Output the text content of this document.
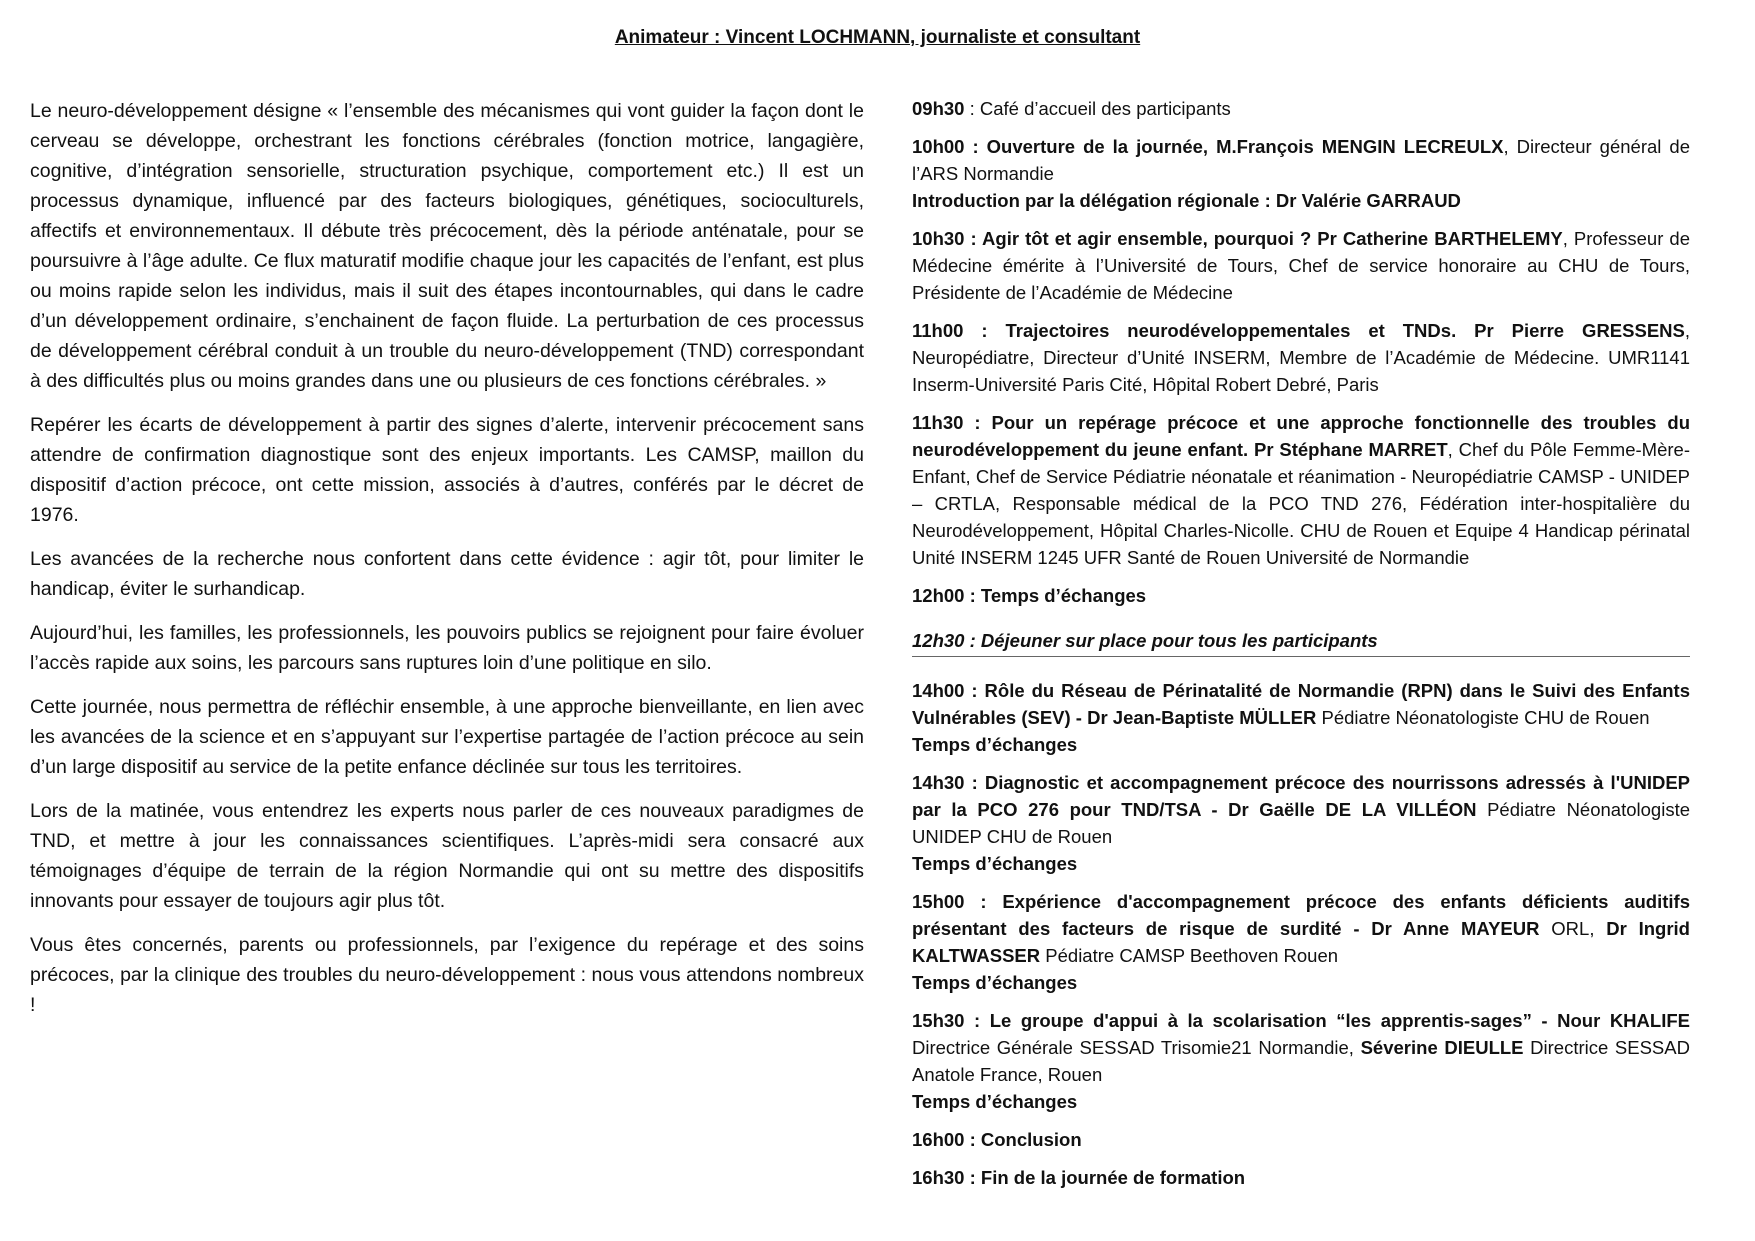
Animateur : Vincent LOCHMANN, journaliste et consultant

Le neuro-développement désigne « l’ensemble des mécanismes qui vont guider la façon dont le cerveau se développe, orchestrant les fonctions cérébrales (fonction motrice, langagière, cognitive, d’intégration sensorielle, structuration psychique, comportement etc.) Il est un processus dynamique, influencé par des facteurs biologiques, génétiques, socioculturels, affectifs et environnementaux. Il débute très précocement, dès la période anténatale, pour se poursuivre à l’âge adulte. Ce flux maturatif modifie chaque jour les capacités de l’enfant, est plus ou moins rapide selon les individus, mais il suit des étapes incontournables, qui dans le cadre d’un développement ordinaire, s’enchainent de façon fluide. La perturbation de ces processus de développement cérébral conduit à un trouble du neuro-développement (TND) correspondant à des difficultés plus ou moins grandes dans une ou plusieurs de ces fonctions cérébrales. »

Repérer les écarts de développement à partir des signes d’alerte, intervenir précocement sans attendre de confirmation diagnostique sont des enjeux importants. Les CAMSP, maillon du dispositif d’action précoce, ont cette mission, associés à d’autres, conférés par le décret de 1976.

Les avancées de la recherche nous confortent dans cette évidence : agir tôt, pour limiter le handicap, éviter le surhandicap.

Aujourd’hui, les familles, les professionnels, les pouvoirs publics se rejoignent pour faire évoluer l’accès rapide aux soins, les parcours sans ruptures loin d’une politique en silo.

Cette journée, nous permettra de réfléchir ensemble, à une approche bienveillante, en lien avec les avancées de la science et en s’appuyant sur l’expertise partagée de l’action précoce au sein d’un large dispositif au service de la petite enfance déclinée sur tous les territoires.

Lors de la matinée, vous entendrez les experts nous parler de ces nouveaux paradigmes de TND, et mettre à jour les connaissances scientifiques. L’après-midi sera consacré aux témoignages d’équipe de terrain de la région Normandie qui ont su mettre des dispositifs innovants pour essayer de toujours agir plus tôt.

Vous êtes concernés, parents ou professionnels, par l’exigence du repérage et des soins précoces, par la clinique des troubles du neuro-développement : nous vous attendons nombreux !

09h30 : Café d’accueil des participants
10h00 : Ouverture de la journée, M.François MENGIN LECREULX, Directeur général de l’ARS Normandie
Introduction par la délégation régionale : Dr Valérie GARRAUD
10h30 : Agir tôt et agir ensemble, pourquoi ? Pr Catherine BARTHELEMY, Professeur de Médecine émérite à l’Université de Tours, Chef de service honoraire au CHU de Tours, Présidente de l’Académie de Médecine
11h00 : Trajectoires neurodéveloppementales et TNDs. Pr Pierre GRESSENS, Neuropédiatre, Directeur d’Unité INSERM, Membre de l’Académie de Médecine. UMR1141 Inserm-Université Paris Cité, Hôpital Robert Debré, Paris
11h30 : Pour un repérage précoce et une approche fonctionnelle des troubles du neurodéveloppement du jeune enfant. Pr Stéphane MARRET, Chef du Pôle Femme-Mère-Enfant, Chef de Service Pédiatrie néonatale et réanimation - Neuropédiatrie CAMSP - UNIDEP – CRTLA, Responsable médical de la PCO TND 276, Fédération inter-hospitalière du Neurodéveloppement, Hôpital Charles-Nicolle. CHU de Rouen et Equipe 4 Handicap périnatal Unité INSERM 1245 UFR Santé de Rouen Université de Normandie
12h00 : Temps d’échanges
12h30 : Déjeuner sur place pour tous les participants
14h00 : Rôle du Réseau de Périnatalité de Normandie (RPN) dans le Suivi des Enfants Vulnérables (SEV) - Dr Jean-Baptiste MÜLLER Pédiatre Néonatologiste CHU de Rouen
Temps d’échanges
14h30 : Diagnostic et accompagnement précoce des nourrissons adressés à l'UNIDEP par la PCO 276 pour TND/TSA - Dr Gaëlle DE LA VILLÉON Pédiatre Néonatologiste UNIDEP CHU de Rouen
Temps d’échanges
15h00 : Expérience d'accompagnement précoce des enfants déficients auditifs présentant des facteurs de risque de surdité - Dr Anne MAYEUR ORL, Dr Ingrid KALTWASSER Pédiatre CAMSP Beethoven Rouen
Temps d’échanges
15h30 : Le groupe d'appui à la scolarisation “les apprentis-sages” - Nour KHALIFE Directrice Générale SESSAD Trisomie21 Normandie, Séverine DIEULLE Directrice SESSAD Anatole France, Rouen
Temps d’échanges
16h00 : Conclusion
16h30 : Fin de la journée de formation
